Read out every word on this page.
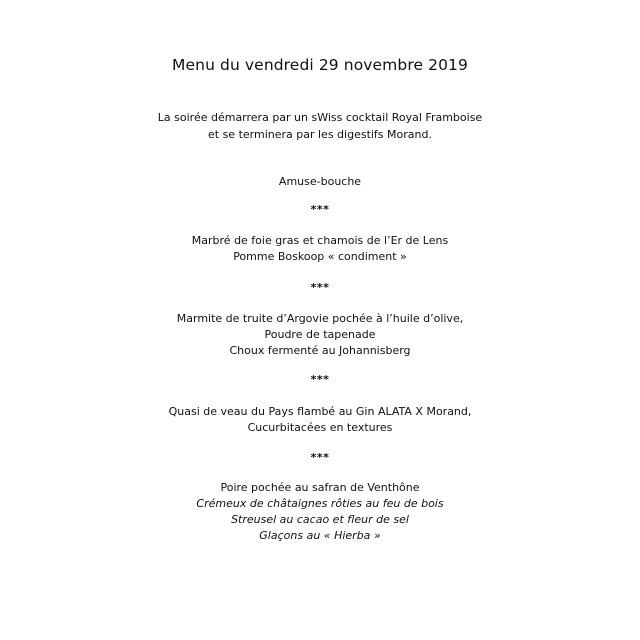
Menu du vendredi 29 novembre 2019
La soirée démarrera par un sWiss cocktail Royal Framboise
et se terminera par les digestifs Morand.
Amuse-bouche
***
Marbré de foie gras et chamois de l’Er de Lens
Pomme Boskoop « condiment »
***
Marmite de truite d’Argovie pochée à l’huile d’olive,
Poudre de tapenade
Choux fermenté au Johannisberg
***
Quasi de veau du Pays flambé au Gin ALATA X Morand,
Cucurbitacées en textures
***
Poire pochée au safran de Venthône
Crémeux de châtaignes rôties au feu de bois
Streusel au cacao et fleur de sel
Glaçons au « Hierba »
